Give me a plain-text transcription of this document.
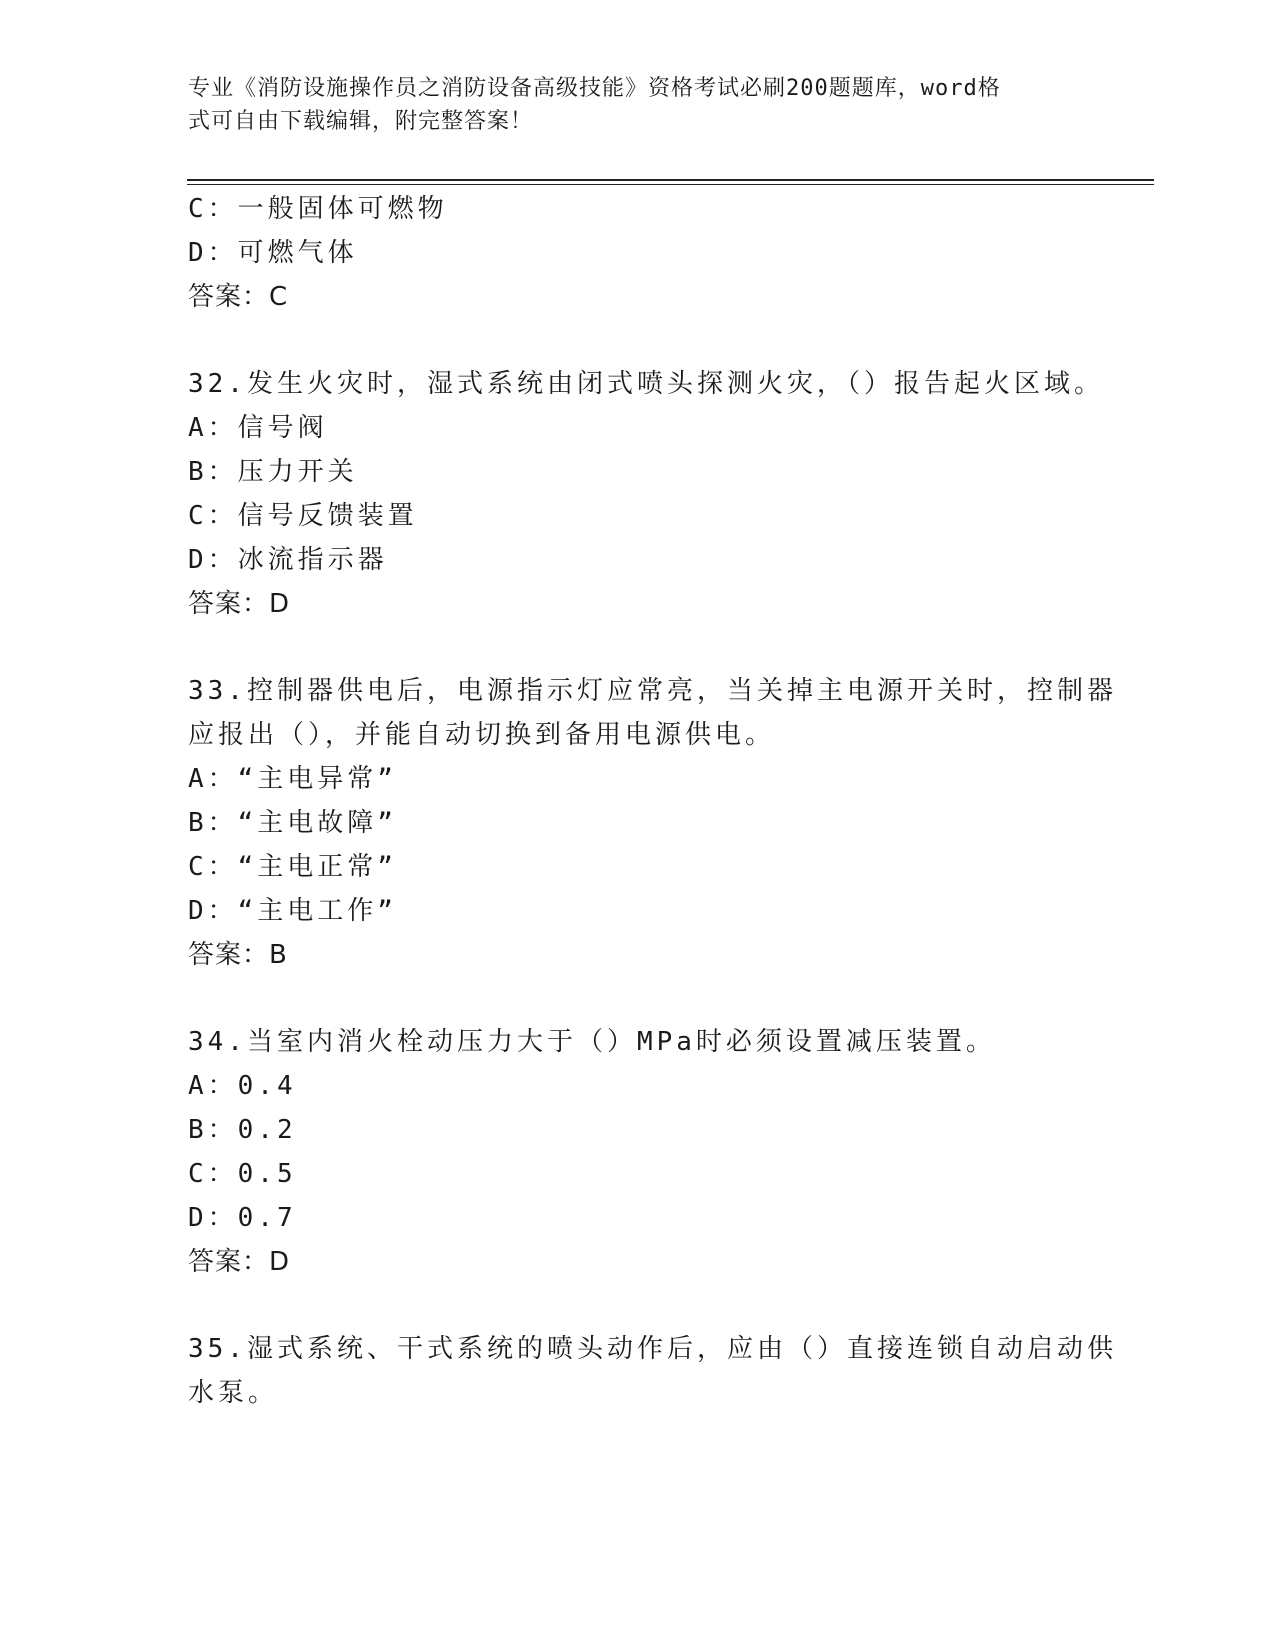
专业《消防设施操作员之消防设备高级技能》资格考试必刷200题题库，word格
式可自由下载编辑，附完整答案！
C：一般固体可燃物
D：可燃气体
答案：C
32.发生火灾时，湿式系统由闭式喷头探测火灾，（）报告起火区域。
A：信号阀
B：压力开关
C：信号反馈装置
D：冰流指示器
答案：D
33.控制器供电后，电源指示灯应常亮，当关掉主电源开关时，控制器
应报出（），并能自动切换到备用电源供电。
A：“主电异常”
B：“主电故障”
C：“主电正常”
D：“主电工作”
答案：B
34.当室内消火栓动压力大于（）MPa时必须设置减压装置。
A：0.4
B：0.2
C：0.5
D：0.7
答案：D
35.湿式系统、干式系统的喷头动作后，应由（）直接连锁自动启动供
水泵。
